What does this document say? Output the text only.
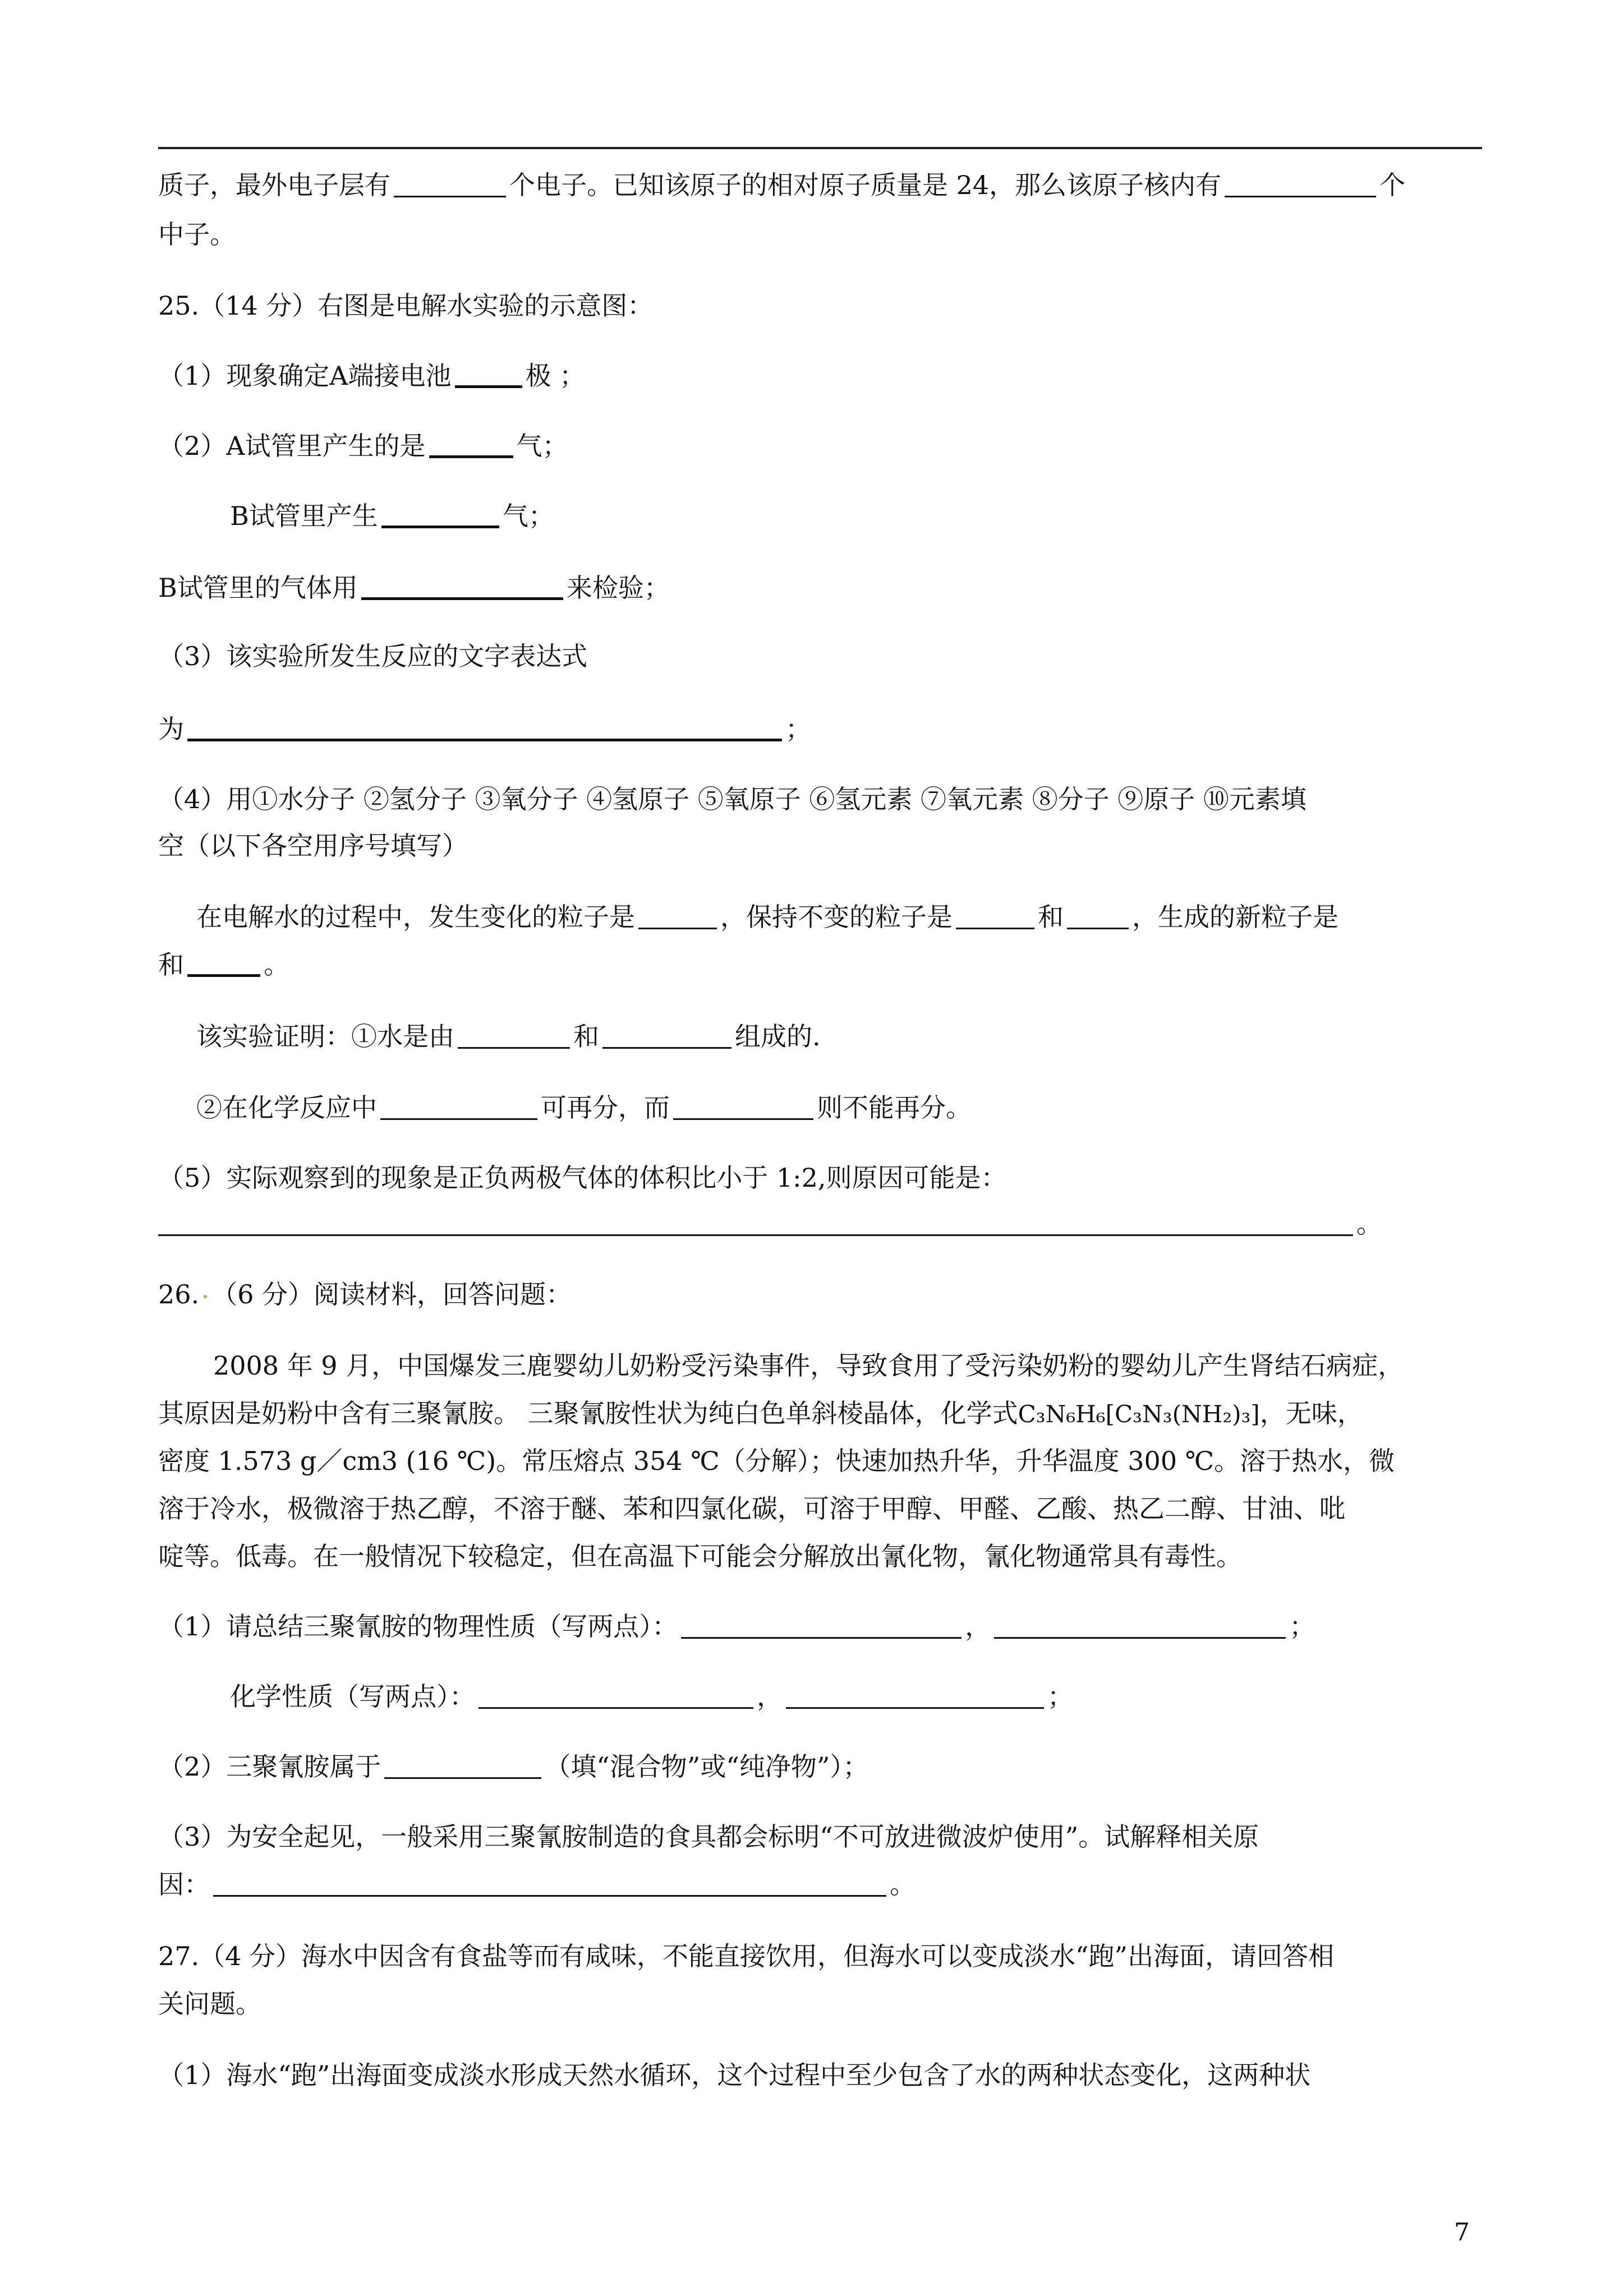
质子，最外电子层有	个电子。已知该原子的相对原子质量是 24，那么该原子核内有	个
中子。
25.（14 分）右图是电解水实验的示意图：
（1）现象确定A端接电池	极 ；
（2）A试管里产生的是	气；
B试管里产生	气；
B试管里的气体用	来检验；
（3）该实验所发生反应的文字表达式
为	；
（4）用①水分子 ②氢分子 ③氧分子 ④氢原子 ⑤氧原子 ⑥氢元素 ⑦氧元素 ⑧分子 ⑨原子 ⑩元素填
空（以下各空用序号填写）
在电解水的过程中，发生变化的粒子是	，保持不变的粒子是	和	，生成的新粒子是
和	。
该实验证明：①水是由	和	组成的.
②在化学反应中	可再分，而	则不能再分。
（5）实际观察到的现象是正负两极气体的体积比小于 1:2,则原因可能是：
。
26. （6 分）阅读材料，回答问题：
2008 年 9 月，中国爆发三鹿婴幼儿奶粉受污染事件，导致食用了受污染奶粉的婴幼儿产生肾结石病症，
其原因是奶粉中含有三聚氰胺。 三聚氰胺性状为纯白色单斜棱晶体，化学式C₃N₆H₆[C₃N₃(NH₂)₃]，无味，
密度 1.573 g／cm3 (16 ℃)。常压熔点 354 ℃（分解）；快速加热升华，升华温度 300 ℃。溶于热水，微
溶于冷水，极微溶于热乙醇，不溶于醚、苯和四氯化碳，可溶于甲醇、甲醛、乙酸、热乙二醇、甘油、吡
啶等。低毒。在一般情况下较稳定，但在高温下可能会分解放出氰化物，氰化物通常具有毒性。
（1）请总结三聚氰胺的物理性质（写两点）：	，	；
化学性质（写两点）：	，	；
（2）三聚氰胺属于	（填“混合物”或“纯净物”）；
（3）为安全起见，一般采用三聚氰胺制造的食具都会标明“不可放进微波炉使用”。试解释相关原
因：	。
27.（4 分）海水中因含有食盐等而有咸味，不能直接饮用，但海水可以变成淡水“跑”出海面，请回答相
关问题。
（1）海水“跑”出海面变成淡水形成天然水循环，这个过程中至少包含了水的两种状态变化，这两种状
7
